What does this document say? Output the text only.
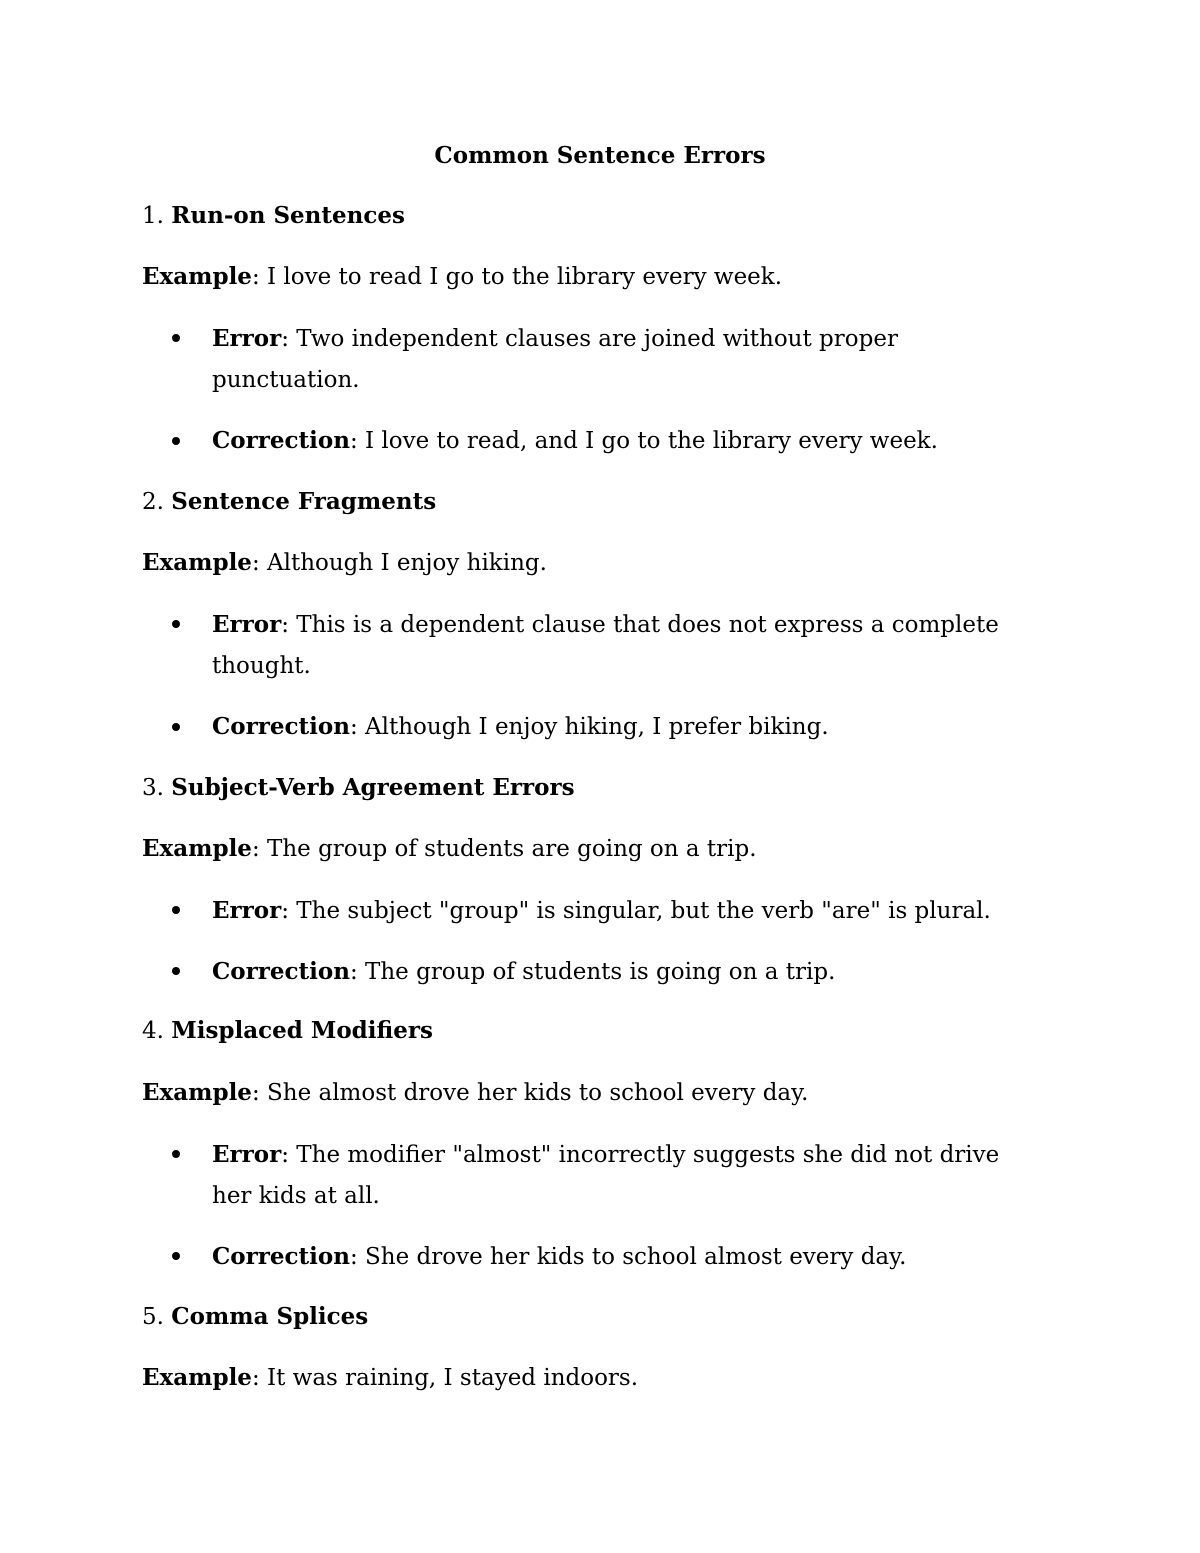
Common Sentence Errors

1. Run-on Sentences

Example: I love to read I go to the library every week.

Error: Two independent clauses are joined without proper punctuation.

Correction: I love to read, and I go to the library every week.

2. Sentence Fragments

Example: Although I enjoy hiking.

Error: This is a dependent clause that does not express a complete thought.

Correction: Although I enjoy hiking, I prefer biking.

3. Subject-Verb Agreement Errors

Example: The group of students are going on a trip.

Error: The subject "group" is singular, but the verb "are" is plural.

Correction: The group of students is going on a trip.

4. Misplaced Modifiers

Example: She almost drove her kids to school every day.

Error: The modifier "almost" incorrectly suggests she did not drive her kids at all.

Correction: She drove her kids to school almost every day.

5. Comma Splices

Example: It was raining, I stayed indoors.
